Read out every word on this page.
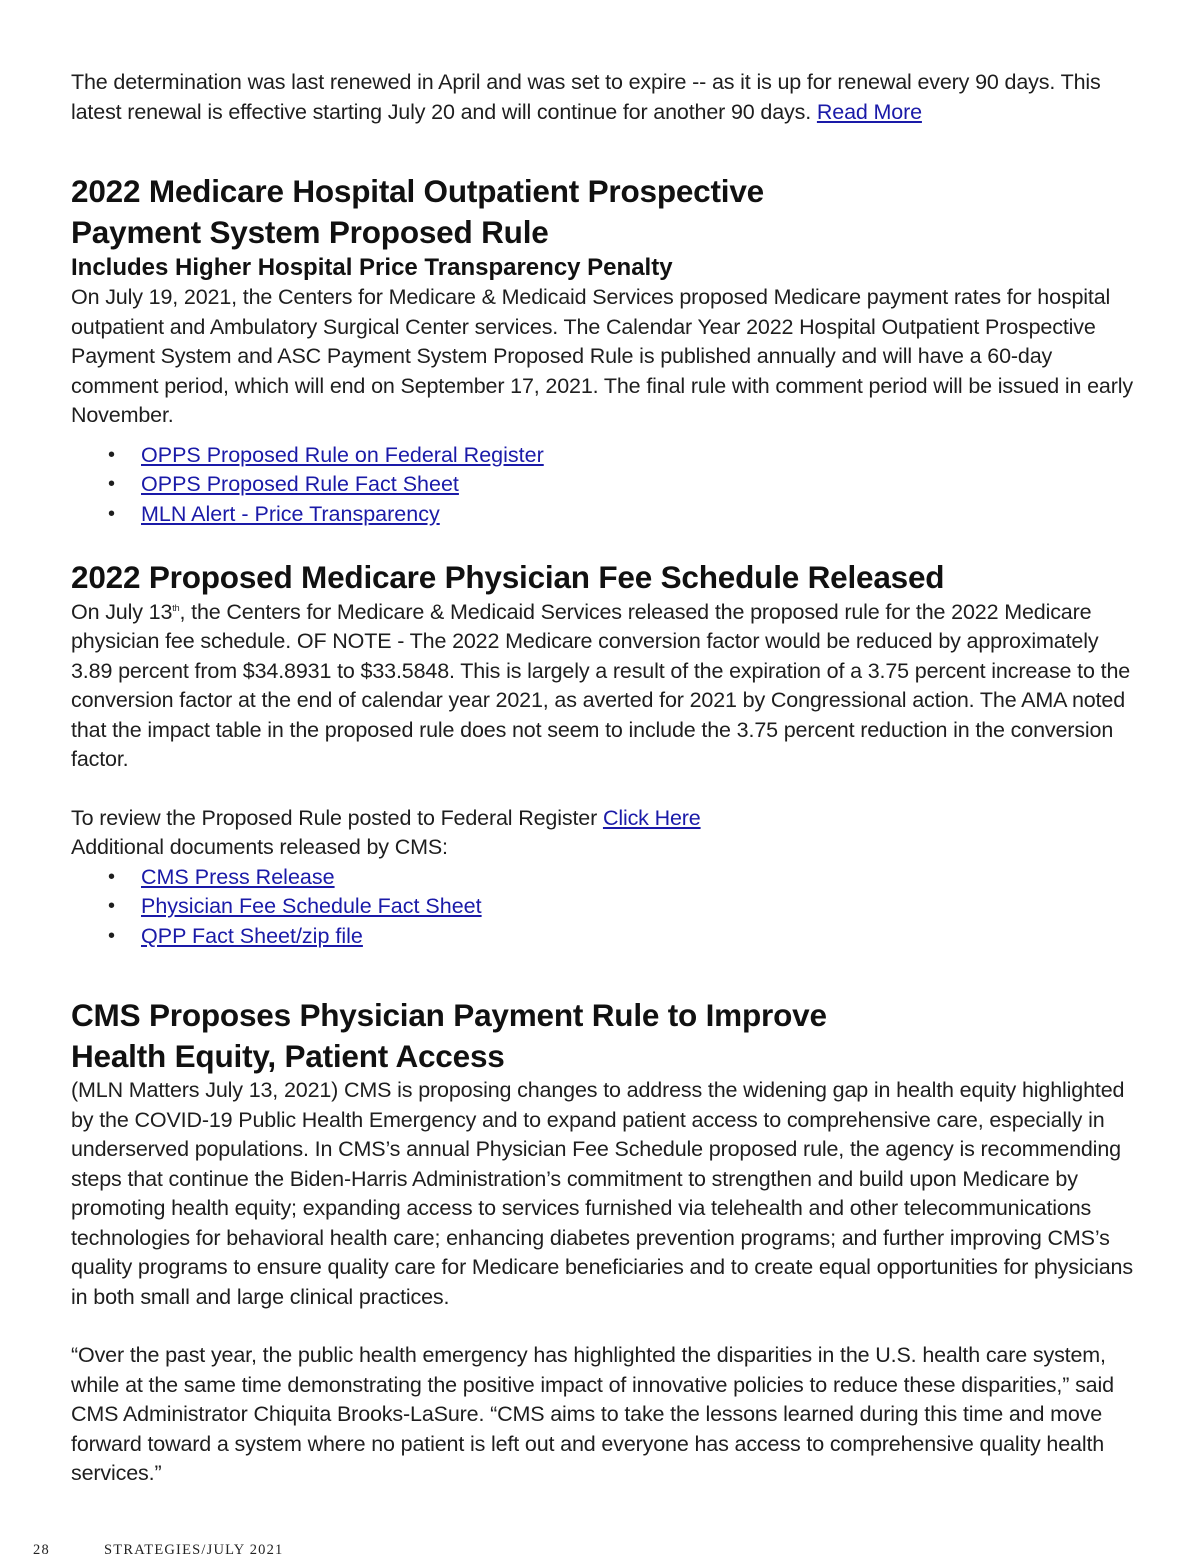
The determination was last renewed in April and was set to expire -- as it is up for renewal every 90 days. This latest renewal is effective starting July 20 and will continue for another 90 days. Read More

2022 Medicare Hospital Outpatient Prospective
Payment System Proposed Rule
Includes Higher Hospital Price Transparency Penalty

On July 19, 2021, the Centers for Medicare & Medicaid Services proposed Medicare payment rates for hospital outpatient and Ambulatory Surgical Center services. The Calendar Year 2022 Hospital Outpatient Prospective Payment System and ASC Payment System Proposed Rule is published annually and will have a 60-day comment period, which will end on September 17, 2021. The final rule with comment period will be issued in early November.

• OPPS Proposed Rule on Federal Register
• OPPS Proposed Rule Fact Sheet
• MLN Alert - Price Transparency
2022 Proposed Medicare Physician Fee Schedule Released

On July 13th, the Centers for Medicare & Medicaid Services released the proposed rule for the 2022 Medicare physician fee schedule. OF NOTE - The 2022 Medicare conversion factor would be reduced by approximately 3.89 percent from $34.8931 to $33.5848. This is largely a result of the expiration of a 3.75 percent increase to the conversion factor at the end of calendar year 2021, as averted for 2021 by Congressional action. The AMA noted that the impact table in the proposed rule does not seem to include the 3.75 percent reduction in the conversion factor.

To review the Proposed Rule posted to Federal Register Click Here

Additional documents released by CMS:

• CMS Press Release
• Physician Fee Schedule Fact Sheet
• QPP Fact Sheet/zip file
CMS Proposes Physician Payment Rule to Improve
Health Equity, Patient Access

(MLN Matters July 13, 2021) CMS is proposing changes to address the widening gap in health equity highlighted by the COVID-19 Public Health Emergency and to expand patient access to comprehensive care, especially in underserved populations. In CMS’s annual Physician Fee Schedule proposed rule, the agency is recommending steps that continue the Biden-Harris Administration’s commitment to strengthen and build upon Medicare by promoting health equity; expanding access to services furnished via telehealth and other telecommunications technologies for behavioral health care; enhancing diabetes prevention programs; and further improving CMS’s quality programs to ensure quality care for Medicare beneficiaries and to create equal opportunities for physicians in both small and large clinical practices.

“Over the past year, the public health emergency has highlighted the disparities in the U.S. health care system, while at the same time demonstrating the positive impact of innovative policies to reduce these disparities,” said CMS Administrator Chiquita Brooks-LaSure. “CMS aims to take the lessons learned during this time and move forward toward a system where no patient is left out and everyone has access to comprehensive quality health services.”

28	STRATEGIES/JULY 2021
